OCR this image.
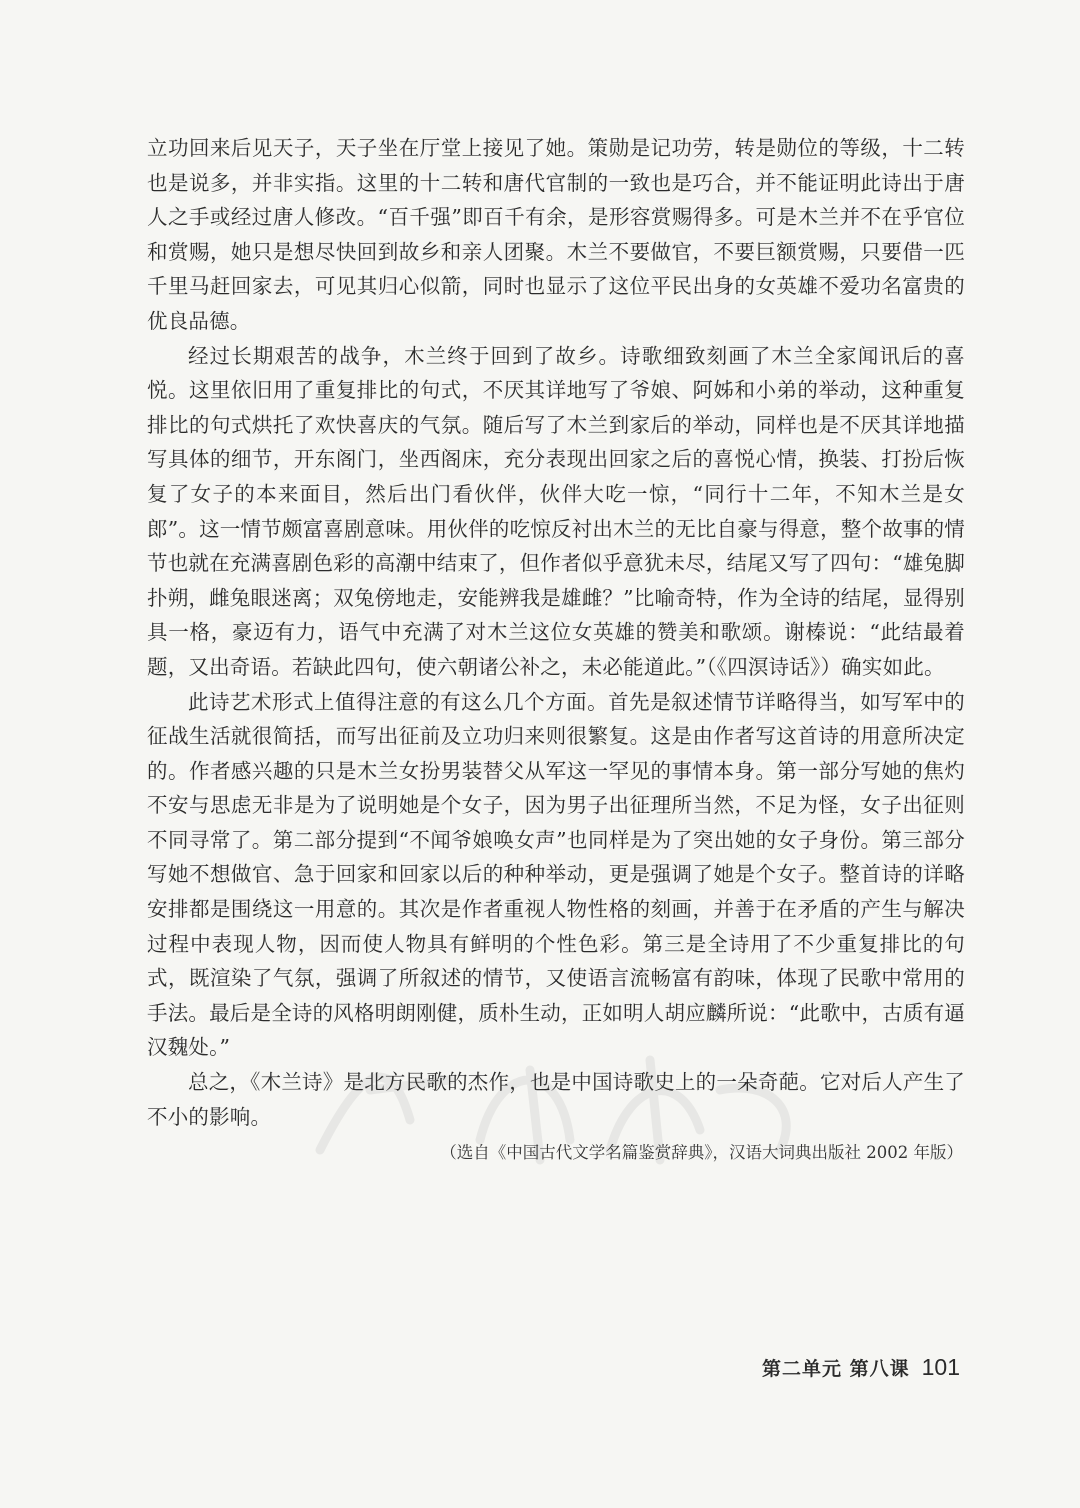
立功回来后见天子，天子坐在厅堂上接见了她。策勋是记功劳，转是勋位的等级，十二转也是说多，并非实指。这里的十二转和唐代官制的一致也是巧合，并不能证明此诗出于唐人之手或经过唐人修改。“百千强”即百千有余，是形容赏赐得多。可是木兰并不在乎官位和赏赐，她只是想尽快回到故乡和亲人团聚。木兰不要做官，不要巨额赏赐，只要借一匹千里马赶回家去，可见其归心似箭，同时也显示了这位平民出身的女英雄不爱功名富贵的优良品德。

经过长期艰苦的战争，木兰终于回到了故乡。诗歌细致刻画了木兰全家闻讯后的喜悦。这里依旧用了重复排比的句式，不厌其详地写了爷娘、阿姊和小弟的举动，这种重复排比的句式烘托了欢快喜庆的气氛。随后写了木兰到家后的举动，同样也是不厌其详地描写具体的细节，开东阁门，坐西阁床，充分表现出回家之后的喜悦心情，换装、打扮后恢复了女子的本来面目，然后出门看伙伴，伙伴大吃一惊，“同行十二年，不知木兰是女郎”。这一情节颇富喜剧意味。用伙伴的吃惊反衬出木兰的无比自豪与得意，整个故事的情节也就在充满喜剧色彩的高潮中结束了，但作者似乎意犹未尽，结尾又写了四句：“雄兔脚扑朔，雌兔眼迷离；双兔傍地走，安能辨我是雄雌？”比喻奇特，作为全诗的结尾，显得别具一格，豪迈有力，语气中充满了对木兰这位女英雄的赞美和歌颂。谢榛说：“此结最着题，又出奇语。若缺此四句，使六朝诸公补之，未必能道此。”（《四溟诗话》）确实如此。

此诗艺术形式上值得注意的有这么几个方面。首先是叙述情节详略得当，如写军中的征战生活就很简括，而写出征前及立功归来则很繁复。这是由作者写这首诗的用意所决定的。作者感兴趣的只是木兰女扮男装替父从军这一罕见的事情本身。第一部分写她的焦灼不安与思虑无非是为了说明她是个女子，因为男子出征理所当然，不足为怪，女子出征则不同寻常了。第二部分提到“不闻爷娘唤女声”也同样是为了突出她的女子身份。第三部分写她不想做官、急于回家和回家以后的种种举动，更是强调了她是个女子。整首诗的详略安排都是围绕这一用意的。其次是作者重视人物性格的刻画，并善于在矛盾的产生与解决过程中表现人物，因而使人物具有鲜明的个性色彩。第三是全诗用了不少重复排比的句式，既渲染了气氛，强调了所叙述的情节，又使语言流畅富有韵味，体现了民歌中常用的手法。最后是全诗的风格明朗刚健，质朴生动，正如明人胡应麟所说：“此歌中，古质有逼汉魏处。”

总之，《木兰诗》是北方民歌的杰作，也是中国诗歌史上的一朵奇葩。它对后人产生了不小的影响。

（选自《中国古代文学名篇鉴赏辞典》，汉语大词典出版社 2002 年版）

第二单元 第八课 101
